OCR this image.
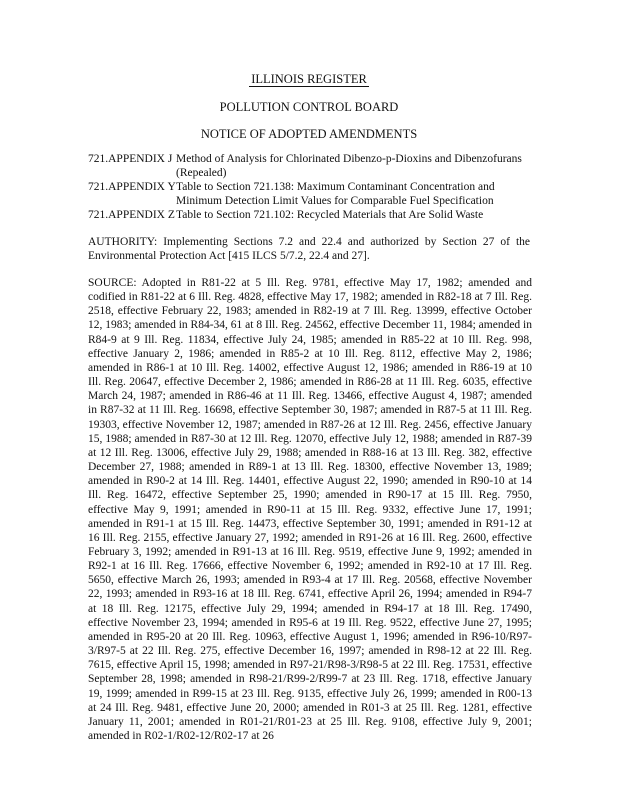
ILLINOIS REGISTER
POLLUTION CONTROL BOARD
NOTICE OF ADOPTED AMENDMENTS
721.APPENDIX J Method of Analysis for Chlorinated Dibenzo-p-Dioxins and Dibenzofurans (Repealed)
721.APPENDIX Y Table to Section 721.138: Maximum Contaminant Concentration and Minimum Detection Limit Values for Comparable Fuel Specification
721.APPENDIX Z Table to Section 721.102: Recycled Materials that Are Solid Waste
AUTHORITY: Implementing Sections 7.2 and 22.4 and authorized by Section 27 of the Environmental Protection Act [415 ILCS 5/7.2, 22.4 and 27].
SOURCE: Adopted in R81-22 at 5 Ill. Reg. 9781, effective May 17, 1982; amended and codified in R81-22 at 6 Ill. Reg. 4828, effective May 17, 1982; amended in R82-18 at 7 Ill. Reg. 2518, effective February 22, 1983; amended in R82-19 at 7 Ill. Reg. 13999, effective October 12, 1983; amended in R84-34, 61 at 8 Ill. Reg. 24562, effective December 11, 1984; amended in R84-9 at 9 Ill. Reg. 11834, effective July 24, 1985; amended in R85-22 at 10 Ill. Reg. 998, effective January 2, 1986; amended in R85-2 at 10 Ill. Reg. 8112, effective May 2, 1986; amended in R86-1 at 10 Ill. Reg. 14002, effective August 12, 1986; amended in R86-19 at 10 Ill. Reg. 20647, effective December 2, 1986; amended in R86-28 at 11 Ill. Reg. 6035, effective March 24, 1987; amended in R86-46 at 11 Ill. Reg. 13466, effective August 4, 1987; amended in R87-32 at 11 Ill. Reg. 16698, effective September 30, 1987; amended in R87-5 at 11 Ill. Reg. 19303, effective November 12, 1987; amended in R87-26 at 12 Ill. Reg. 2456, effective January 15, 1988; amended in R87-30 at 12 Ill. Reg. 12070, effective July 12, 1988; amended in R87-39 at 12 Ill. Reg. 13006, effective July 29, 1988; amended in R88-16 at 13 Ill. Reg. 382, effective December 27, 1988; amended in R89-1 at 13 Ill. Reg. 18300, effective November 13, 1989; amended in R90-2 at 14 Ill. Reg. 14401, effective August 22, 1990; amended in R90-10 at 14 Ill. Reg. 16472, effective September 25, 1990; amended in R90-17 at 15 Ill. Reg. 7950, effective May 9, 1991; amended in R90-11 at 15 Ill. Reg. 9332, effective June 17, 1991; amended in R91-1 at 15 Ill. Reg. 14473, effective September 30, 1991; amended in R91-12 at 16 Ill. Reg. 2155, effective January 27, 1992; amended in R91-26 at 16 Ill. Reg. 2600, effective February 3, 1992; amended in R91-13 at 16 Ill. Reg. 9519, effective June 9, 1992; amended in R92-1 at 16 Ill. Reg. 17666, effective November 6, 1992; amended in R92-10 at 17 Ill. Reg. 5650, effective March 26, 1993; amended in R93-4 at 17 Ill. Reg. 20568, effective November 22, 1993; amended in R93-16 at 18 Ill. Reg. 6741, effective April 26, 1994; amended in R94-7 at 18 Ill. Reg. 12175, effective July 29, 1994; amended in R94-17 at 18 Ill. Reg. 17490, effective November 23, 1994; amended in R95-6 at 19 Ill. Reg. 9522, effective June 27, 1995; amended in R95-20 at 20 Ill. Reg. 10963, effective August 1, 1996; amended in R96-10/R97-3/R97-5 at 22 Ill. Reg. 275, effective December 16, 1997; amended in R98-12 at 22 Ill. Reg. 7615, effective April 15, 1998; amended in R97-21/R98-3/R98-5 at 22 Ill. Reg. 17531, effective September 28, 1998; amended in R98-21/R99-2/R99-7 at 23 Ill. Reg. 1718, effective January 19, 1999; amended in R99-15 at 23 Ill. Reg. 9135, effective July 26, 1999; amended in R00-13 at 24 Ill. Reg. 9481, effective June 20, 2000; amended in R01-3 at 25 Ill. Reg. 1281, effective January 11, 2001; amended in R01-21/R01-23 at 25 Ill. Reg. 9108, effective July 9, 2001; amended in R02-1/R02-12/R02-17 at 26
